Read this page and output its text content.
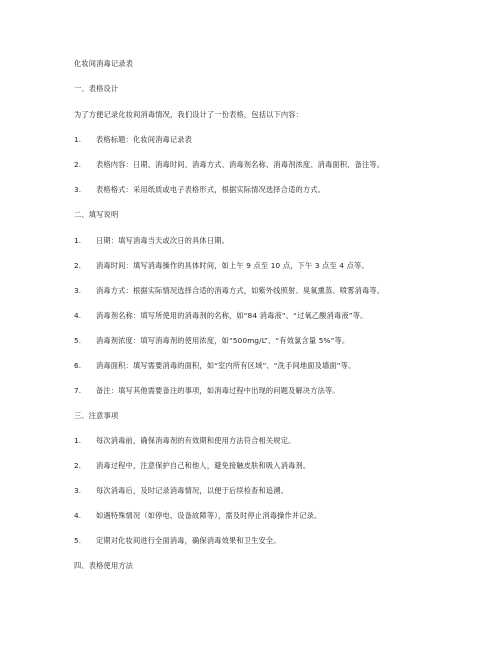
化妆间消毒记录表
一、表格设计
为了方便记录化妆间消毒情况，我们设计了一份表格，包括以下内容：
1. 表格标题：化妆间消毒记录表
2. 表格内容：日期、消毒时间、消毒方式、消毒剂名称、消毒剂浓度、消毒面积、备注等。
3. 表格格式：采用纸质或电子表格形式，根据实际情况选择合适的方式。
二、填写说明
1. 日期：填写消毒当天或次日的具体日期。
2. 消毒时间：填写消毒操作的具体时间，如上午 9 点至 10 点，下午 3 点至 4 点等。
3. 消毒方式：根据实际情况选择合适的消毒方式，如紫外线照射、臭氧熏蒸、喷雾消毒等。
4. 消毒剂名称：填写所使用的消毒剂的名称，如“84 消毒液”、“过氧乙酸消毒液”等。
5. 消毒剂浓度：填写消毒剂的使用浓度，如“500mg/L”、“有效氯含量 5%”等。
6. 消毒面积：填写需要消毒的面积，如“室内所有区域”、“洗手间地面及墙面”等。
7. 备注：填写其他需要备注的事项，如消毒过程中出现的问题及解决方法等。
三、注意事项
1. 每次消毒前，确保消毒剂的有效期和使用方法符合相关规定。
2. 消毒过程中，注意保护自己和他人，避免接触皮肤和吸入消毒剂。
3. 每次消毒后，及时记录消毒情况，以便于后续检查和追溯。
4. 如遇特殊情况（如停电、设备故障等），需及时停止消毒操作并记录。
5. 定期对化妆间进行全面消毒，确保消毒效果和卫生安全。
四、表格使用方法
